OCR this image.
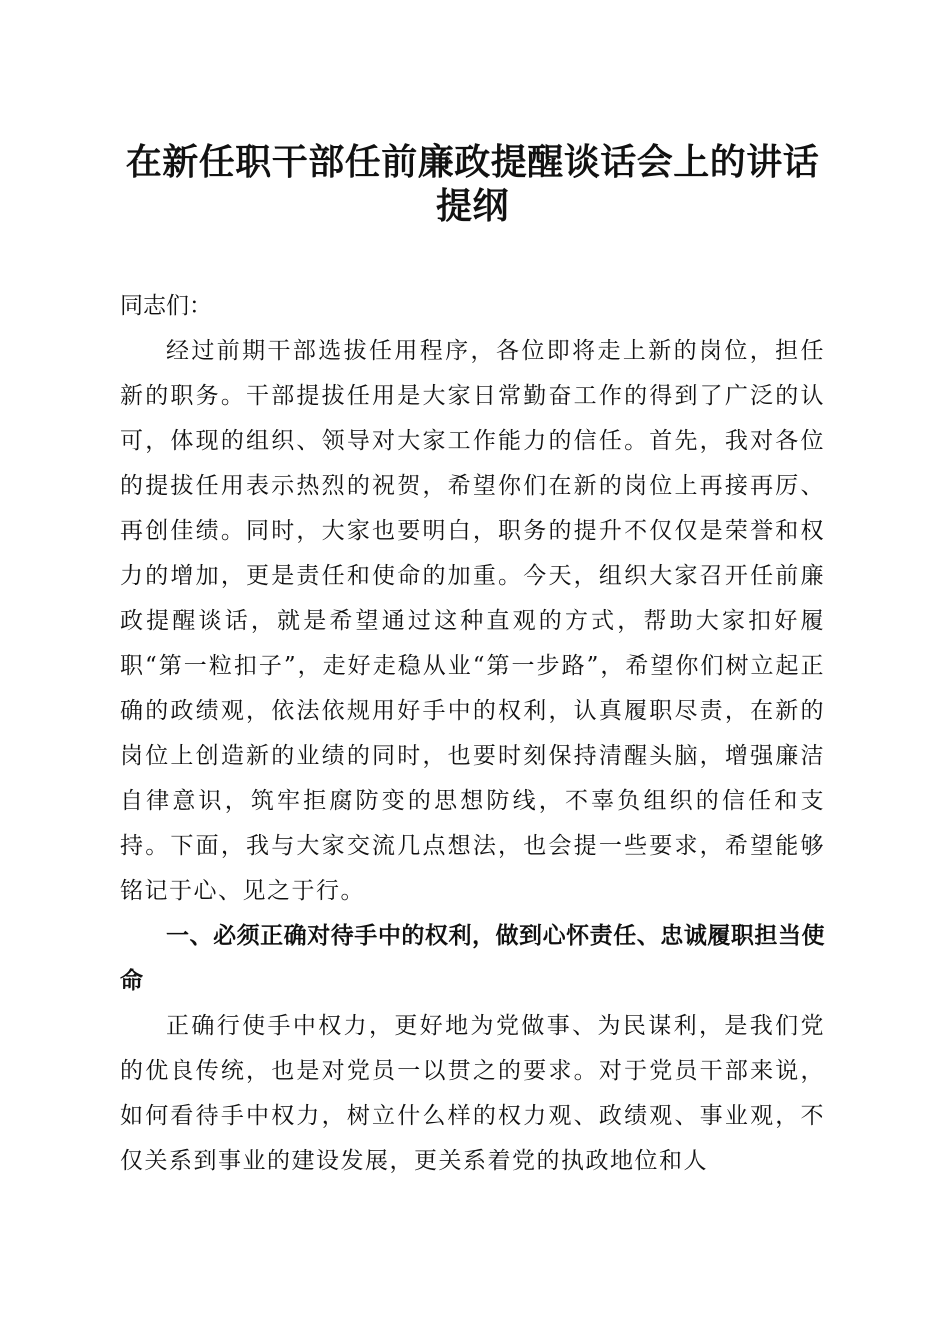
在新任职干部任前廉政提醒谈话会上的讲话提纲

同志们：

经过前期干部选拔任用程序，各位即将走上新的岗位，担任新的职务。干部提拔任用是大家日常勤奋工作的得到了广泛的认可，体现的组织、领导对大家工作能力的信任。首先，我对各位的提拔任用表示热烈的祝贺，希望你们在新的岗位上再接再厉、再创佳绩。同时，大家也要明白，职务的提升不仅仅是荣誉和权力的增加，更是责任和使命的加重。今天，组织大家召开任前廉政提醒谈话，就是希望通过这种直观的方式，帮助大家扣好履职“第一粒扣子”，走好走稳从业“第一步路”，希望你们树立起正确的政绩观，依法依规用好手中的权利，认真履职尽责，在新的岗位上创造新的业绩的同时，也要时刻保持清醒头脑，增强廉洁自律意识，筑牢拒腐防变的思想防线，不辜负组织的信任和支持。下面，我与大家交流几点想法，也会提一些要求，希望能够铭记于心、见之于行。

一、必须正确对待手中的权利，做到心怀责任、忠诚履职担当使命

正确行使手中权力，更好地为党做事、为民谋利，是我们党的优良传统，也是对党员一以贯之的要求。对于党员干部来说，如何看待手中权力，树立什么样的权力观、政绩观、事业观，不仅关系到事业的建设发展，更关系着党的执政地位和人
